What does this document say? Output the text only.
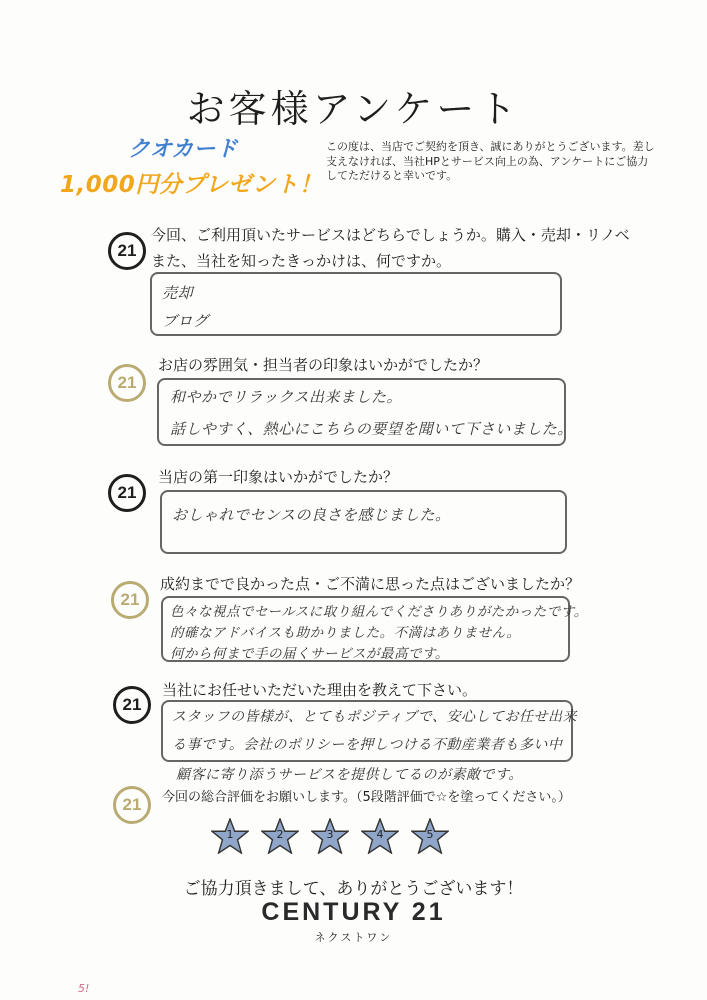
お客様アンケート
クオカード
1,000円分プレゼント！
この度は、当店でご契約を頂き、誠にありがとうございます。差し支えなければ、当社HPとサービス向上の為、アンケートにご協力してただけると幸いです。
21
今回、ご利用頂いたサービスはどちらでしょうか。購入・売却・リノベ
また、当社を知ったきっかけは、何ですか。
売却
ブログ
21
お店の雰囲気・担当者の印象はいかがでしたか？
和やかでリラックス出来ました。
話しやすく、熱心にこちらの要望を聞いて下さいました。
21
当店の第一印象はいかがでしたか？
おしゃれでセンスの良さを感じました。
21
成約までで良かった点・ご不満に思った点はございましたか？
色々な視点でセールスに取り組んでくださりありがたかったです。
的確なアドバイスも助かりました。不満はありません。
何から何まで手の届くサービスが最高です。
21
当社にお任せいただいた理由を教えて下さい。
スタッフの皆様が、とてもポジティブで、安心してお任せ出来
る事です。会社のポリシーを押しつける不動産業者も多い中
顧客に寄り添うサービスを提供してるのが素敵です。
21	今回の総合評価をお願いします。（5段階評価で☆を塗ってください。）
1	2	3	4	5
ご協力頂きまして、ありがとうございます！
CENTURY 21
ネクストワン
5!
